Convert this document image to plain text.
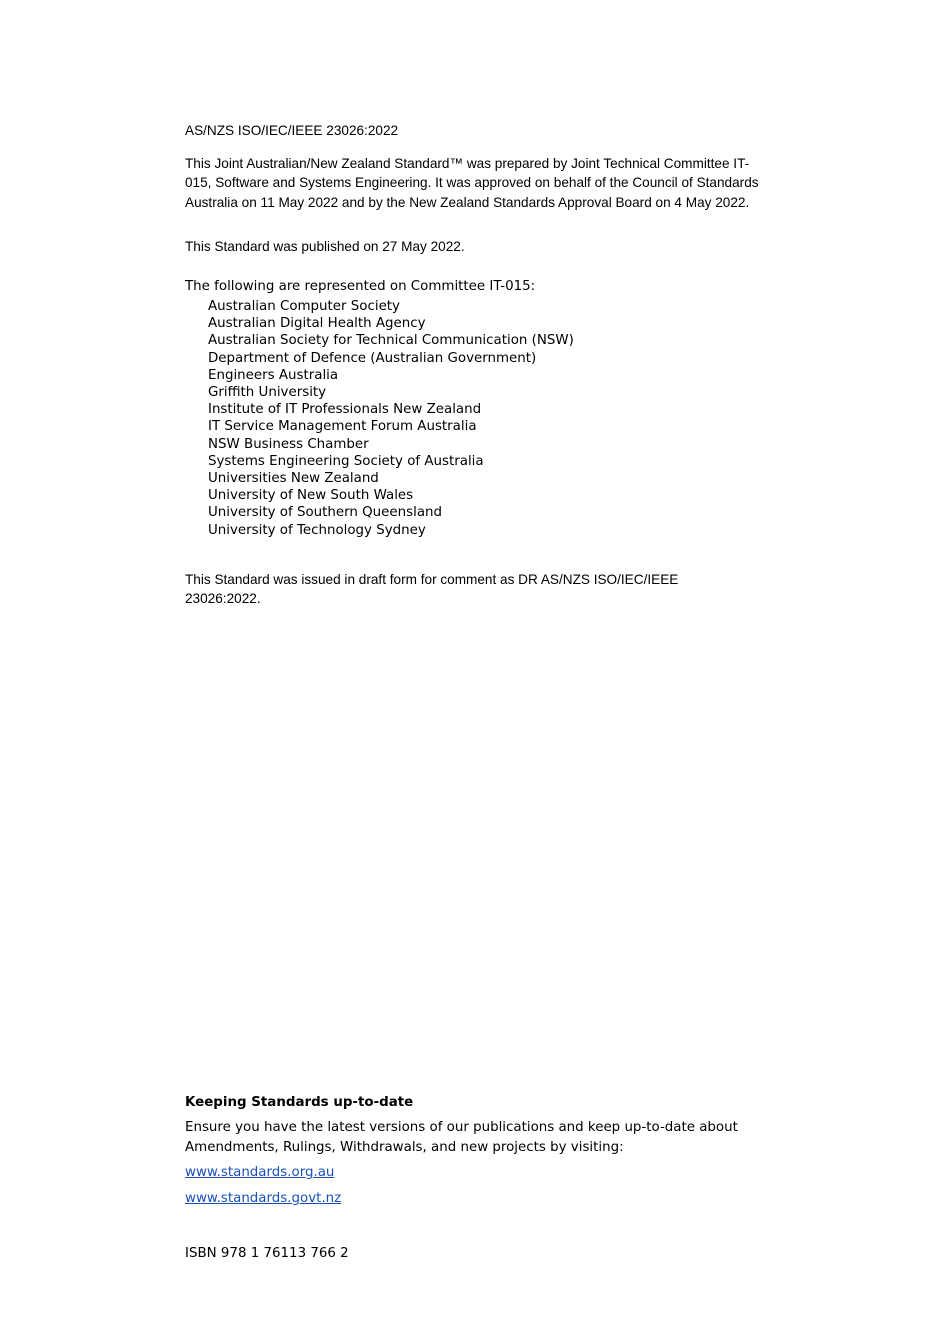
AS/NZS ISO/IEC/IEEE 23026:2022

This Joint Australian/New Zealand Standard™ was prepared by Joint Technical Committee IT-015, Software and Systems Engineering. It was approved on behalf of the Council of Standards Australia on 11 May 2022 and by the New Zealand Standards Approval Board on 4 May 2022.

This Standard was published on 27 May 2022.

The following are represented on Committee IT-015:

Australian Computer Society
Australian Digital Health Agency
Australian Society for Technical Communication (NSW)
Department of Defence (Australian Government)
Engineers Australia
Griffith University
Institute of IT Professionals New Zealand
IT Service Management Forum Australia
NSW Business Chamber
Systems Engineering Society of Australia
Universities New Zealand
University of New South Wales
University of Southern Queensland
University of Technology Sydney

This Standard was issued in draft form for comment as DR AS/NZS ISO/IEC/IEEE 23026:2022.

Keeping Standards up-to-date

Ensure you have the latest versions of our publications and keep up-to-date about Amendments, Rulings, Withdrawals, and new projects by visiting:

www.standards.org.au
www.standards.govt.nz

ISBN 978 1 76113 766 2
